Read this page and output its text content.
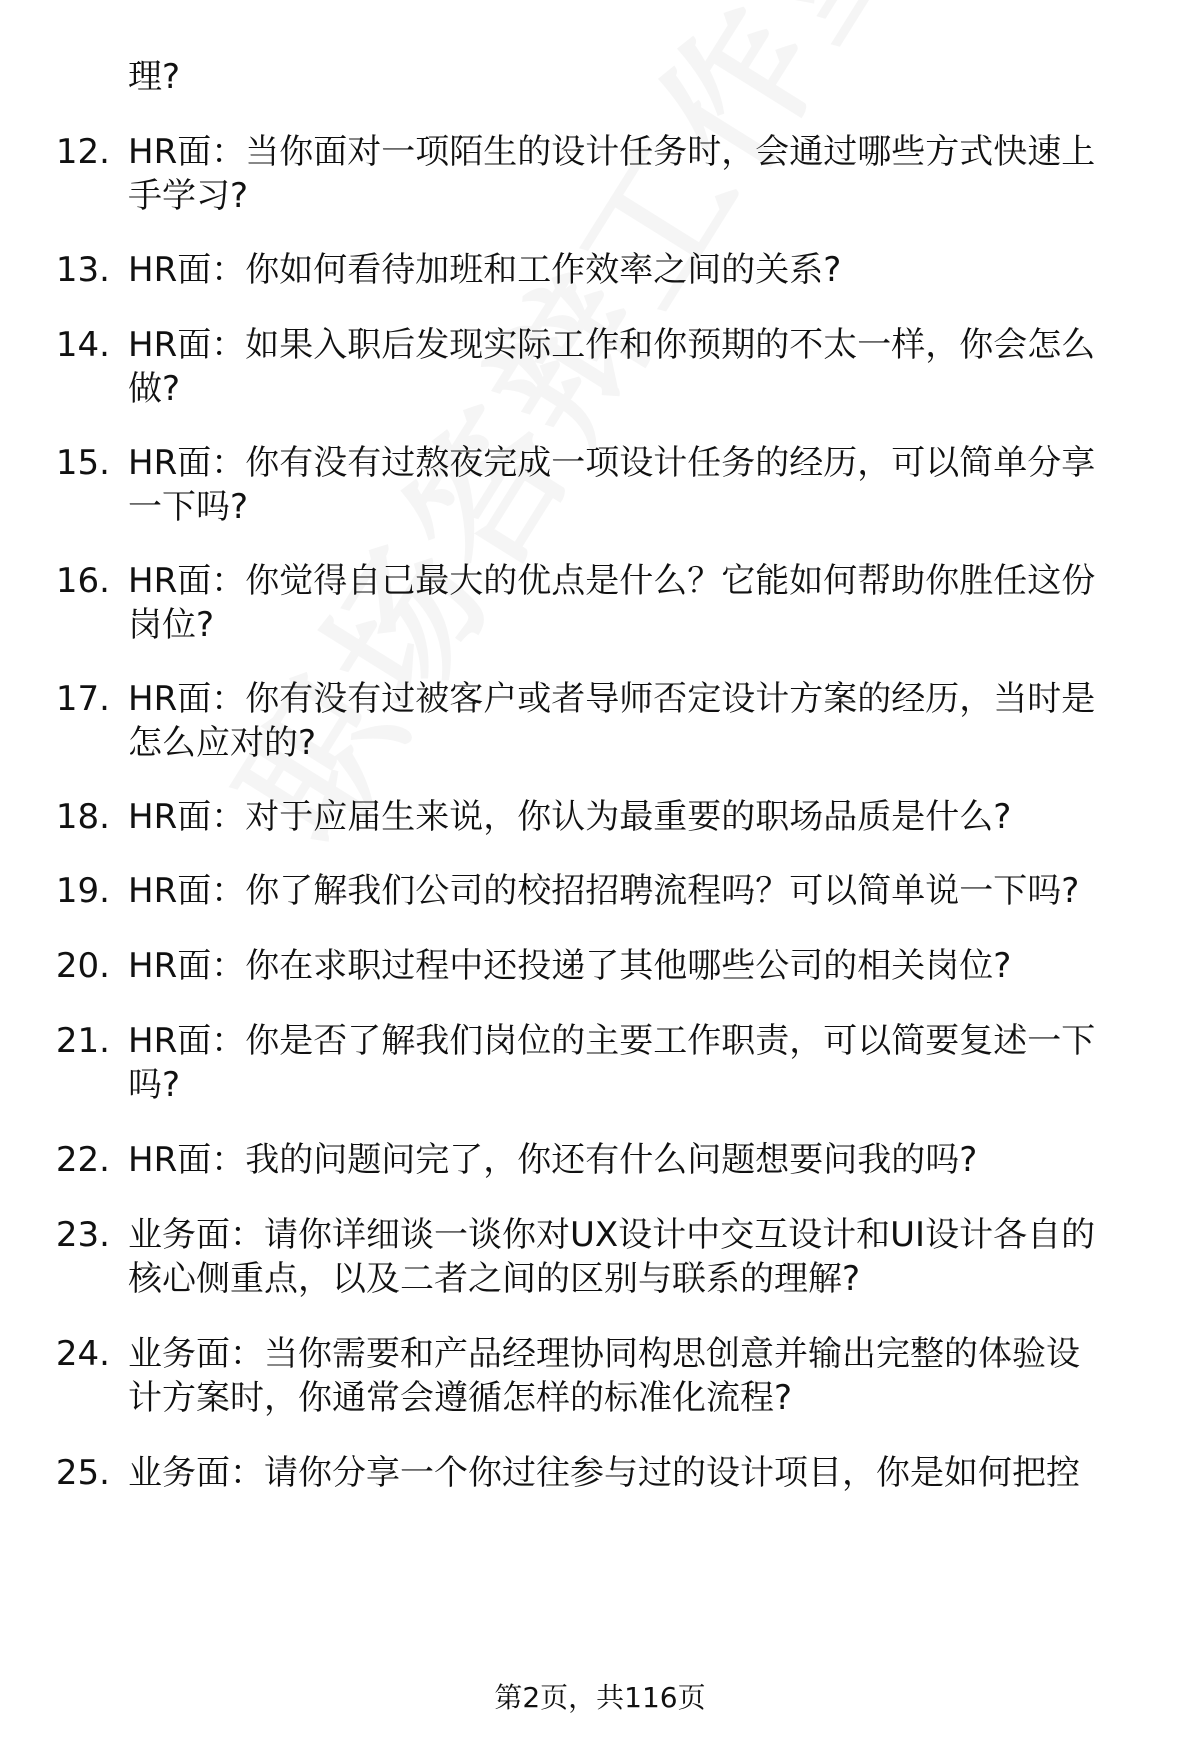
理?
12. HR面：当你面对一项陌生的设计任务时，会通过哪些方式快速上
手学习?
13. HR面：你如何看待加班和工作效率之间的关系?
14. HR面：如果入职后发现实际工作和你预期的不太一样，你会怎么
做?
15. HR面：你有没有过熬夜完成一项设计任务的经历，可以简单分享
一下吗?
16. HR面：你觉得自己最大的优点是什么？它能如何帮助你胜任这份
岗位?
17. HR面：你有没有过被客户或者导师否定设计方案的经历，当时是
怎么应对的?
18. HR面：对于应届生来说，你认为最重要的职场品质是什么?
19. HR面：你了解我们公司的校招招聘流程吗？可以简单说一下吗?
20. HR面：你在求职过程中还投递了其他哪些公司的相关岗位?
21. HR面：你是否了解我们岗位的主要工作职责，可以简要复述一下
吗?
22. HR面：我的问题问完了，你还有什么问题想要问我的吗?
23. 业务面：请你详细谈一谈你对UX设计中交互设计和UI设计各自的
核心侧重点，以及二者之间的区别与联系的理解?
24. 业务面：当你需要和产品经理协同构思创意并输出完整的体验设
计方案时，你通常会遵循怎样的标准化流程?
25. 业务面：请你分享一个你过往参与过的设计项目，你是如何把控
第2页，共116页
